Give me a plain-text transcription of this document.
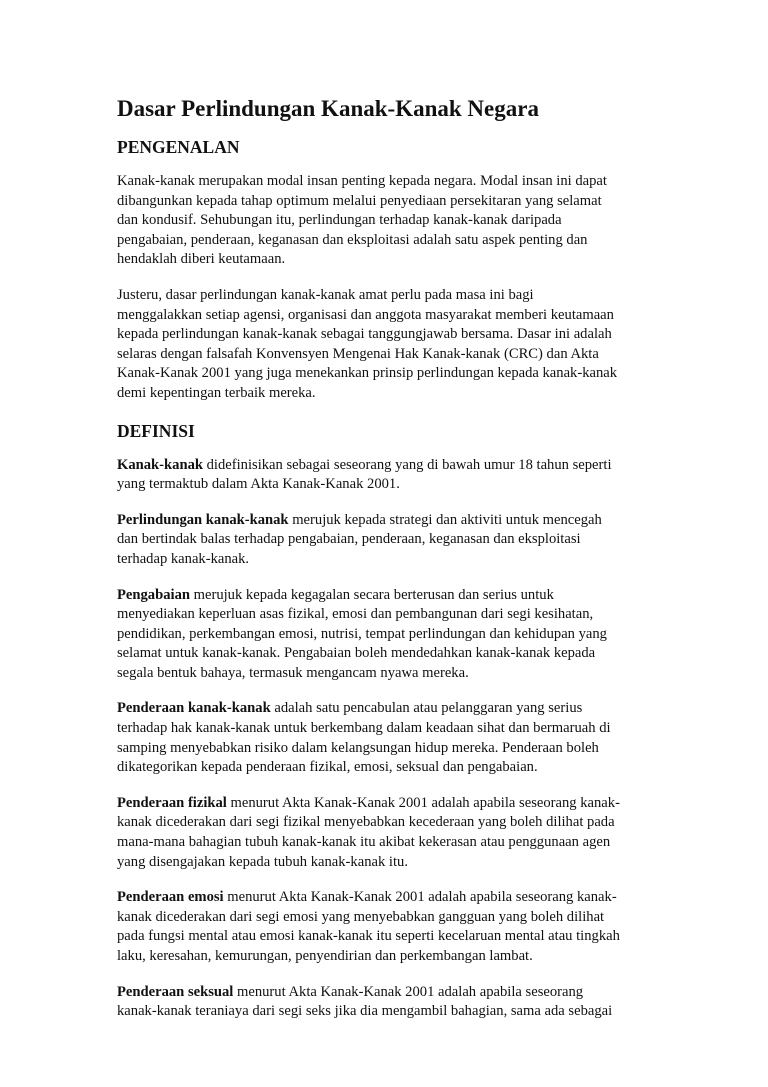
Dasar Perlindungan Kanak-Kanak Negara
PENGENALAN

Kanak-kanak merupakan modal insan penting kepada negara. Modal insan ini dapat
dibangunkan kepada tahap optimum melalui penyediaan persekitaran yang selamat
dan kondusif. Sehubungan itu, perlindungan terhadap kanak-kanak daripada
pengabaian, penderaan, keganasan dan eksploitasi adalah satu aspek penting dan
hendaklah diberi keutamaan.

Justeru, dasar perlindungan kanak-kanak amat perlu pada masa ini bagi
menggalakkan setiap agensi, organisasi dan anggota masyarakat memberi keutamaan
kepada perlindungan kanak-kanak sebagai tanggungjawab bersama. Dasar ini adalah
selaras dengan falsafah Konvensyen Mengenai Hak Kanak-kanak (CRC) dan Akta
Kanak-Kanak 2001 yang juga menekankan prinsip perlindungan kepada kanak-kanak
demi kepentingan terbaik mereka.

DEFINISI

Kanak-kanak didefinisikan sebagai seseorang yang di bawah umur 18 tahun seperti
yang termaktub dalam Akta Kanak-Kanak 2001.

Perlindungan kanak-kanak merujuk kepada strategi dan aktiviti untuk mencegah
dan bertindak balas terhadap pengabaian, penderaan, keganasan dan eksploitasi
terhadap kanak-kanak.

Pengabaian merujuk kepada kegagalan secara berterusan dan serius untuk
menyediakan keperluan asas fizikal, emosi dan pembangunan dari segi kesihatan,
pendidikan, perkembangan emosi, nutrisi, tempat perlindungan dan kehidupan yang
selamat untuk kanak-kanak. Pengabaian boleh mendedahkan kanak-kanak kepada
segala bentuk bahaya, termasuk mengancam nyawa mereka.

Penderaan kanak-kanak adalah satu pencabulan atau pelanggaran yang serius
terhadap hak kanak-kanak untuk berkembang dalam keadaan sihat dan bermaruah di
samping menyebabkan risiko dalam kelangsungan hidup mereka. Penderaan boleh
dikategorikan kepada penderaan fizikal, emosi, seksual dan pengabaian.

Penderaan fizikal menurut Akta Kanak-Kanak 2001 adalah apabila seseorang kanak-
kanak dicederakan dari segi fizikal menyebabkan kecederaan yang boleh dilihat pada
mana-mana bahagian tubuh kanak-kanak itu akibat kekerasan atau penggunaan agen
yang disengajakan kepada tubuh kanak-kanak itu.

Penderaan emosi menurut Akta Kanak-Kanak 2001 adalah apabila seseorang kanak-
kanak dicederakan dari segi emosi yang menyebabkan gangguan yang boleh dilihat
pada fungsi mental atau emosi kanak-kanak itu seperti kecelaruan mental atau tingkah
laku, keresahan, kemurungan, penyendirian dan perkembangan lambat.

Penderaan seksual menurut Akta Kanak-Kanak 2001 adalah apabila seseorang
kanak-kanak teraniaya dari segi seks jika dia mengambil bahagian, sama ada sebagai
